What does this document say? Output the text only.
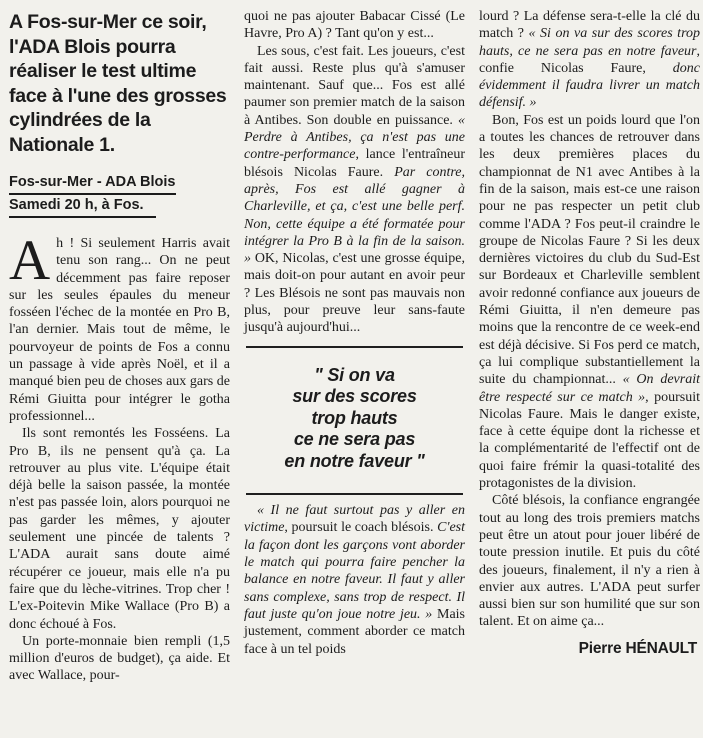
A Fos-sur-Mer ce soir, l'ADA Blois pourra réaliser le test ultime face à l'une des grosses cylindrées de la Nationale 1.
Fos-sur-Mer - ADA Blois
Samedi 20 h, à Fos.

Ah ! Si seulement Harris avait tenu son rang... On ne peut décemment pas faire reposer sur les seules épaules du meneur fosséen l'échec de la montée en Pro B, l'an dernier. Mais tout de même, le pourvoyeur de points de Fos a connu un passage à vide après Noël, et il a manqué bien peu de choses aux gars de Rémi Giuitta pour intégrer le gotha professionnel...

Ils sont remontés les Fosséens. La Pro B, ils ne pensent qu'à ça. La retrouver au plus vite. L'équipe était déjà belle la saison passée, la montée n'est pas passée loin, alors pourquoi ne pas garder les mêmes, y ajouter seulement une pincée de talents ? L'ADA aurait sans doute aimé récupérer ce joueur, mais elle n'a pu faire que du lèche-vitrines. Trop cher ! L'ex-Poitevin Mike Wallace (Pro B) a donc échoué à Fos.

Un porte-monnaie bien rempli (1,5 million d'euros de budget), ça aide. Et avec Wallace, pour-

quoi ne pas ajouter Babacar Cissé (Le Havre, Pro A) ? Tant qu'on y est...

Les sous, c'est fait. Les joueurs, c'est fait aussi. Reste plus qu'à s'amuser maintenant. Sauf que... Fos est allé paumer son premier match de la saison à Antibes. Son double en puissance. « Perdre à Antibes, ça n'est pas une contre-performance, lance l'entraîneur blésois Nicolas Faure. Par contre, après, Fos est allé gagner à Charleville, et ça, c'est une belle perf. Non, cette équipe a été formatée pour intégrer la Pro B à la fin de la saison. » OK, Nicolas, c'est une grosse équipe, mais doit-on pour autant en avoir peur ? Les Blésois ne sont pas mauvais non plus, pour preuve leur sans-faute jusqu'à aujourd'hui...

" Si on va
sur des scores
trop hauts
ce ne sera pas
en notre faveur "

« Il ne faut surtout pas y aller en victime, poursuit le coach blésois. C'est la façon dont les garçons vont aborder le match qui pourra faire pencher la balance en notre faveur. Il faut y aller sans complexe, sans trop de respect. Il faut juste qu'on joue notre jeu. » Mais justement, comment aborder ce match face à un tel poids

lourd ? La défense sera-t-elle la clé du match ? « Si on va sur des scores trop hauts, ce ne sera pas en notre faveur, confie Nicolas Faure, donc évidemment il faudra livrer un match défensif. »

Bon, Fos est un poids lourd que l'on a toutes les chances de retrouver dans les deux premières places du championnat de N1 avec Antibes à la fin de la saison, mais est-ce une raison pour ne pas respecter un petit club comme l'ADA ? Fos peut-il craindre le groupe de Nicolas Faure ? Si les deux dernières victoires du club du Sud-Est sur Bordeaux et Charleville semblent avoir redonné confiance aux joueurs de Rémi Giuitta, il n'en demeure pas moins que la rencontre de ce week-end est déjà décisive. Si Fos perd ce match, ça lui complique substantiellement la suite du championnat... « On devrait être respecté sur ce match », poursuit Nicolas Faure. Mais le danger existe, face à cette équipe dont la richesse et la complémentarité de l'effectif ont de quoi faire frémir la quasi-totalité des protagonistes de la division.

Côté blésois, la confiance engrangée tout au long des trois premiers matchs peut être un atout pour jouer libéré de toute pression inutile. Et puis du côté des joueurs, finalement, il n'y a rien à envier aux autres. L'ADA peut surfer aussi bien sur son humilité que sur son talent. Et on aime ça...

Pierre HÉNAULT
